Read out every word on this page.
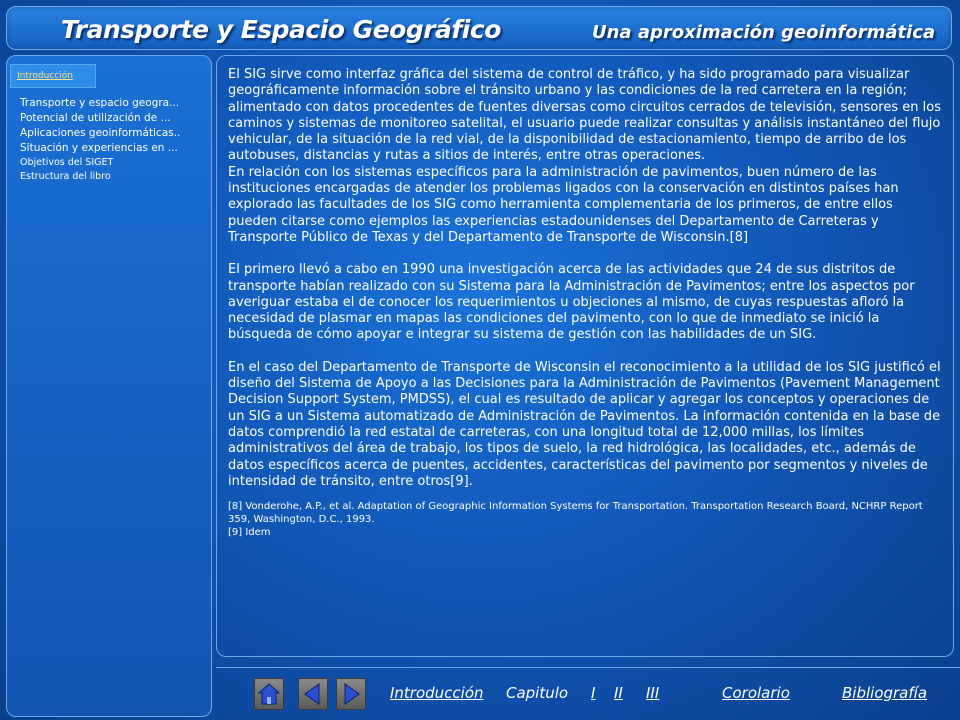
Transporte y Espacio Geográfico	Una aproximación geoinformática
Introducción
Transporte y espacio geogra...
Potencial de utilización de ...
Aplicaciones geoinformáticas..
Situación y experiencias en ...
Objetivos del SIGET
Estructura del libro

El SIG sirve como interfaz gráfica del sistema de control de tráfico, y ha sido programado para visualizar geográficamente información sobre el tránsito urbano y las condiciones de la red carretera en la región; alimentado con datos procedentes de fuentes diversas como circuitos cerrados de televisión, sensores en los caminos y sistemas de monitoreo satelital, el usuario puede realizar consultas y análisis instantáneo del flujo vehicular, de la situación de la red vial, de la disponibilidad de estacionamiento, tiempo de arribo de los autobuses, distancias y rutas a sitios de interés, entre otras operaciones.

En relación con los sistemas específicos para la administración de pavimentos, buen número de las instituciones encargadas de atender los problemas ligados con la conservación en distintos países han explorado las facultades de los SIG como herramienta complementaria de los primeros, de entre ellos pueden citarse como ejemplos las experiencias estadounidenses del Departamento de Carreteras y Transporte Público de Texas y del Departamento de Transporte de Wisconsin.[8]

El primero llevó a cabo en 1990 una investigación acerca de las actividades que 24 de sus distritos de transporte habían realizado con su Sistema para la Administración de Pavimentos; entre los aspectos por averiguar estaba el de conocer los requerimientos u objeciones al mismo, de cuyas respuestas afloró la necesidad de plasmar en mapas las condiciones del pavimento, con lo que de inmediato se inició la búsqueda de cómo apoyar e integrar su sistema de gestión con las habilidades de un SIG.

En el caso del Departamento de Transporte de Wisconsin el reconocimiento a la utilidad de los SIG justificó el diseño del Sistema de Apoyo a las Decisiones para la Administración de Pavimentos (Pavement Management Decision Support System, PMDSS), el cual es resultado de aplicar y agregar los conceptos y operaciones de un SIG a un Sistema automatizado de Administración de Pavimentos. La información contenida en la base de datos comprendió la red estatal de carreteras, con una longitud total de 12,000 millas, los límites administrativos del área de trabajo, los tipos de suelo, la red hidrológica, las localidades, etc., además de datos específicos acerca de puentes, accidentes, características del pavimento por segmentos y niveles de intensidad de tránsito, entre otros[9].

[8] Vonderohe, A.P., et al. Adaptation of Geographic Information Systems for Transportation. Transportation Research Board, NCHRP Report 359, Washington, D.C., 1993.

[9] Idem

Introducción Capitulo I II III	Corolario	Bibliografía
